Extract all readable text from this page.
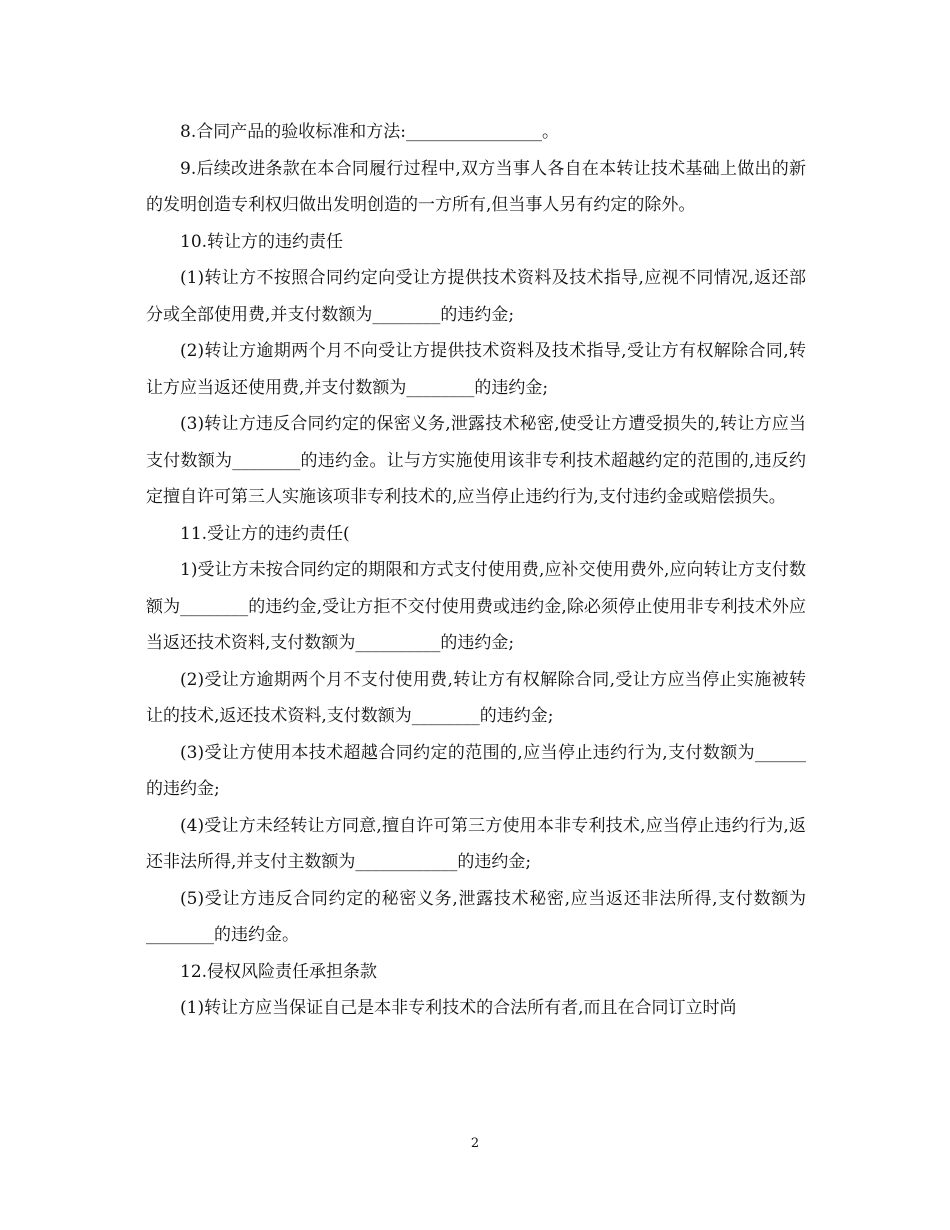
8.合同产品的验收标准和方法:________________。

9.后续改进条款在本合同履行过程中,双方当事人各自在本转让技术基础上做出的新的发明创造专利权归做出发明创造的一方所有,但当事人另有约定的除外。

10.转让方的违约责任

(1)转让方不按照合同约定向受让方提供技术资料及技术指导,应视不同情况,返还部分或全部使用费,并支付数额为________的违约金;

(2)转让方逾期两个月不向受让方提供技术资料及技术指导,受让方有权解除合同,转让方应当返还使用费,并支付数额为________的违约金;

(3)转让方违反合同约定的保密义务,泄露技术秘密,使受让方遭受损失的,转让方应当支付数额为________的违约金。让与方实施使用该非专利技术超越约定的范围的,违反约定擅自许可第三人实施该项非专利技术的,应当停止违约行为,支付违约金或赔偿损失。

11.受让方的违约责任(

1)受让方未按合同约定的期限和方式支付使用费,应补交使用费外,应向转让方支付数额为________的违约金,受让方拒不交付使用费或违约金,除必须停止使用非专利技术外应当返还技术资料,支付数额为__________的违约金;

(2)受让方逾期两个月不支付使用费,转让方有权解除合同,受让方应当停止实施被转让的技术,返还技术资料,支付数额为________的违约金;

(3)受让方使用本技术超越合同约定的范围的,应当停止违约行为,支付数额为______的违约金;

(4)受让方未经转让方同意,擅自许可第三方使用本非专利技术,应当停止违约行为,返还非法所得,并支付主数额为____________的违约金;

(5)受让方违反合同约定的秘密义务,泄露技术秘密,应当返还非法所得,支付数额为________的违约金。

12.侵权风险责任承担条款

(1)转让方应当保证自己是本非专利技术的合法所有者,而且在合同订立时尚

2
